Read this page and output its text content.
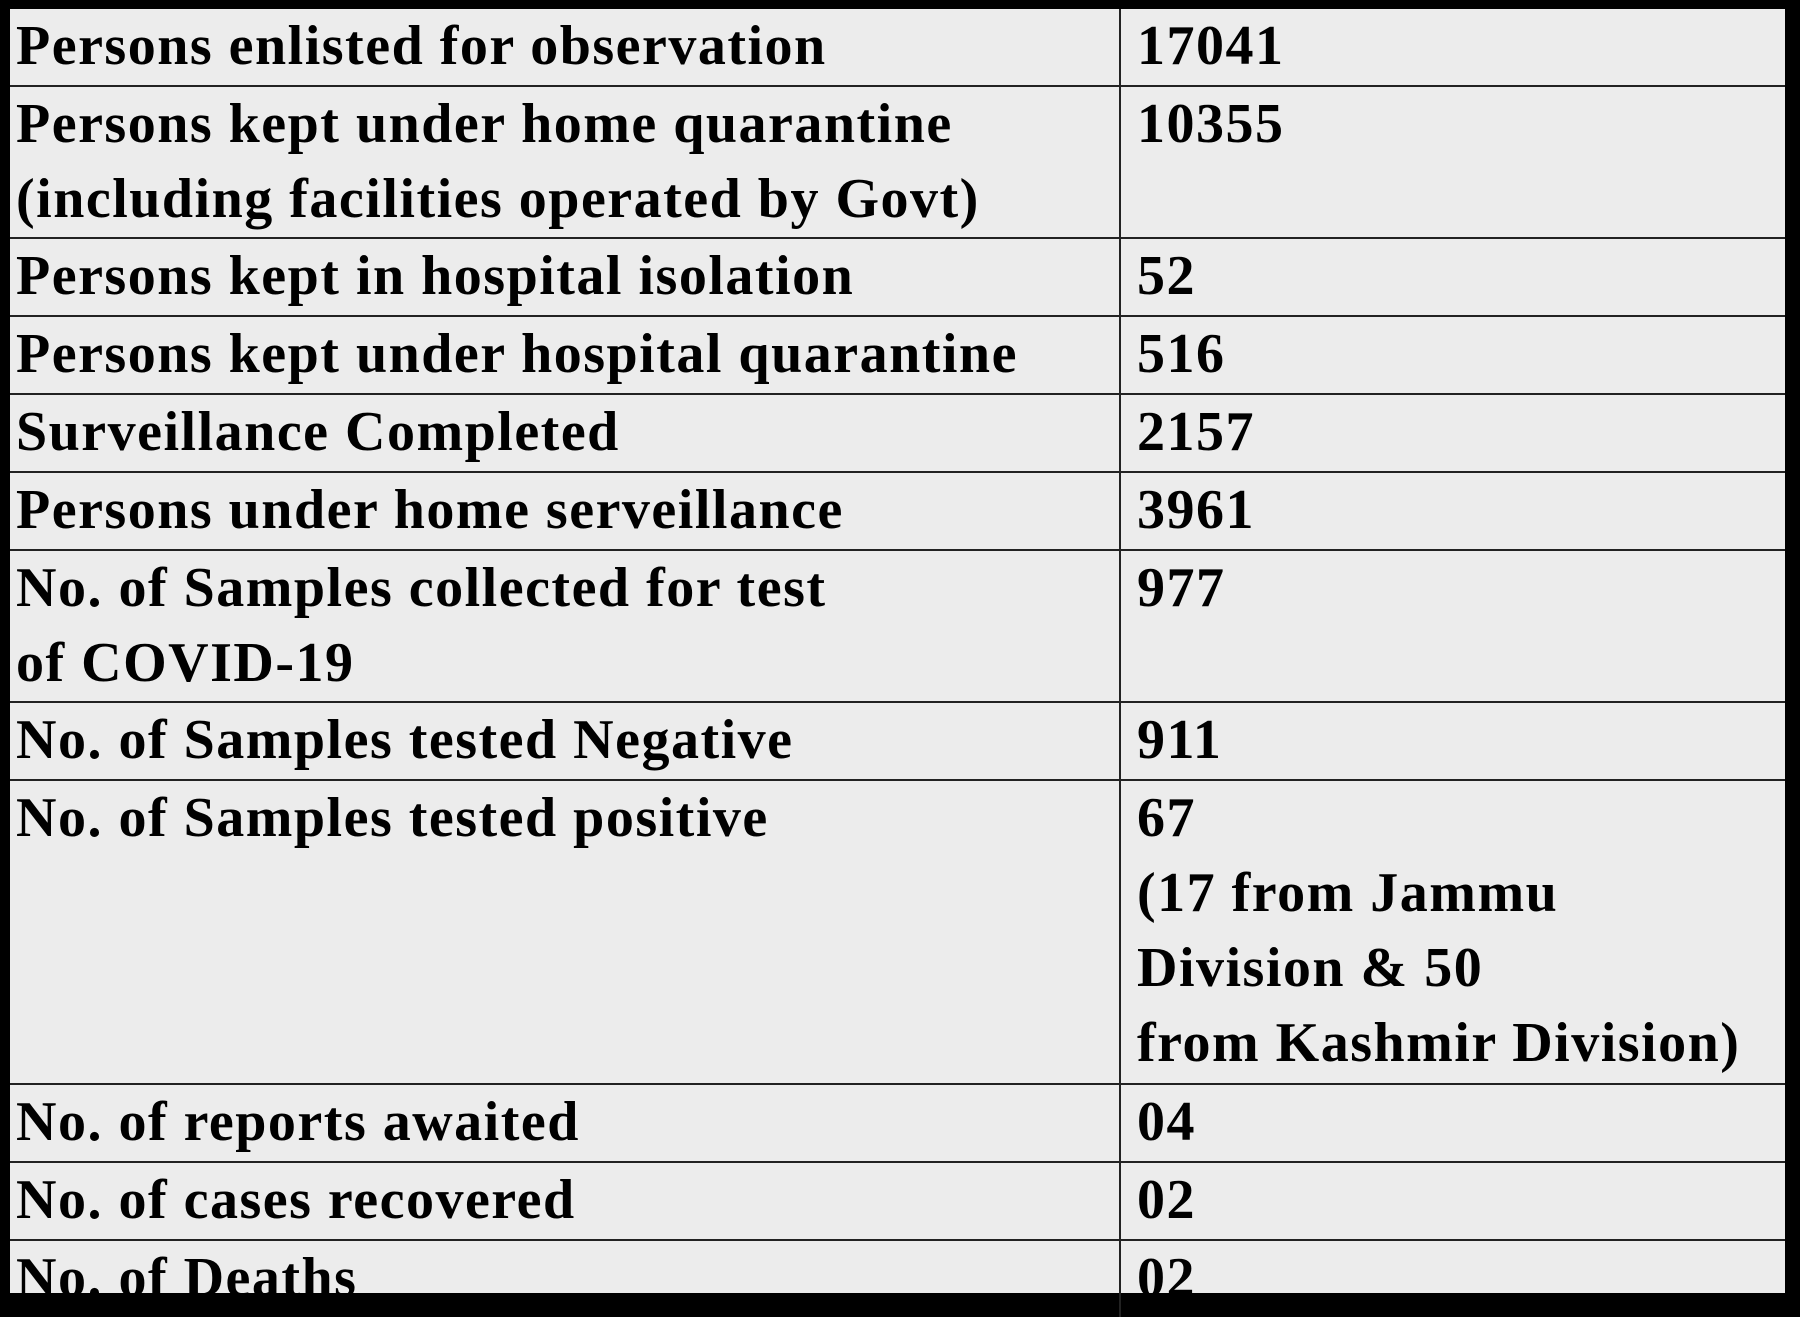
Persons enlisted for observation	17041

Persons kept under home quarantine
(including facilities operated by Govt)	10355

Persons kept in hospital isolation	52

Persons kept under hospital quarantine	516

Surveillance Completed	2157

Persons under home serveillance	3961

No. of Samples collected for test
of COVID-19	977

No. of Samples tested Negative	911

No. of Samples tested positive	67
(17 from Jammu
Division & 50
from Kashmir Division)

No. of reports awaited	04

No. of cases recovered	02

No. of Deaths	02
